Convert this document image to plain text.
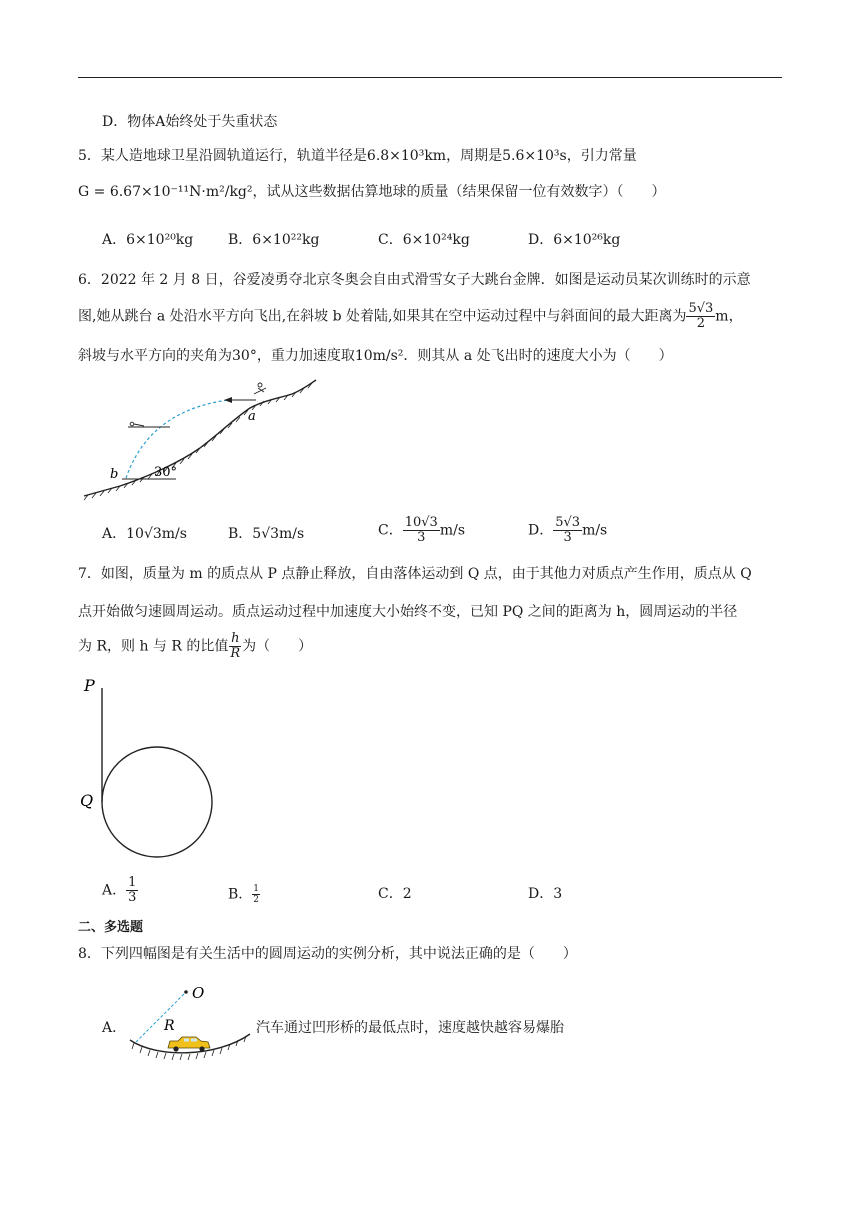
D．物体A始终处于失重状态
5．某人造地球卫星沿圆轨道运行，轨道半径是6.8×10³km，周期是5.6×10³s，引力常量
G = 6.67×10⁻¹¹N·m²/kg²，试从这些数据估算地球的质量（结果保留一位有效数字）（　　）
A．6×10²⁰kg B．6×10²²kg	C．6×10²⁴kg	D．6×10²⁶kg
6．2022 年 2 月 8 日，谷爱凌勇夺北京冬奥会自由式滑雪女子大跳台金牌．如图是运动员某次训练时的示意
图,她从跳台 a 处沿水平方向飞出,在斜坡 b 处着陆,如果其在空中运动过程中与斜面间的最大距离为 $\frac{5√3}{2}$ m，
斜坡与水平方向的夹角为30°，重力加速度取10m/s²．则其从 a 处飞出时的速度大小为（　　）
a
b	30°
A．10√3m/s	B．5√3m/s	C． $\frac{10√3}{3} m/s$	D． $\frac{5√3}{3} m/s$
7．如图，质量为 m 的质点从 P 点静止释放，自由落体运动到 Q 点，由于其他力对质点产生作用，质点从 Q
点开始做匀速圆周运动。质点运动过程中加速度大小始终不变，已知 PQ 之间的距离为 h，圆周运动的半径
为 R，则 h 与 R 的比值 $\frac{h}{R}$ 为（　　）
P
Q
A． $\frac{1}{3}$	B． $\frac{1}{2}$	C．2	D．3
二、多选题
8．下列四幅图是有关生活中的圆周运动的实例分析，其中说法正确的是（　　）
A．
O
R	汽车通过凹形桥的最低点时，速度越快越容易爆胎
